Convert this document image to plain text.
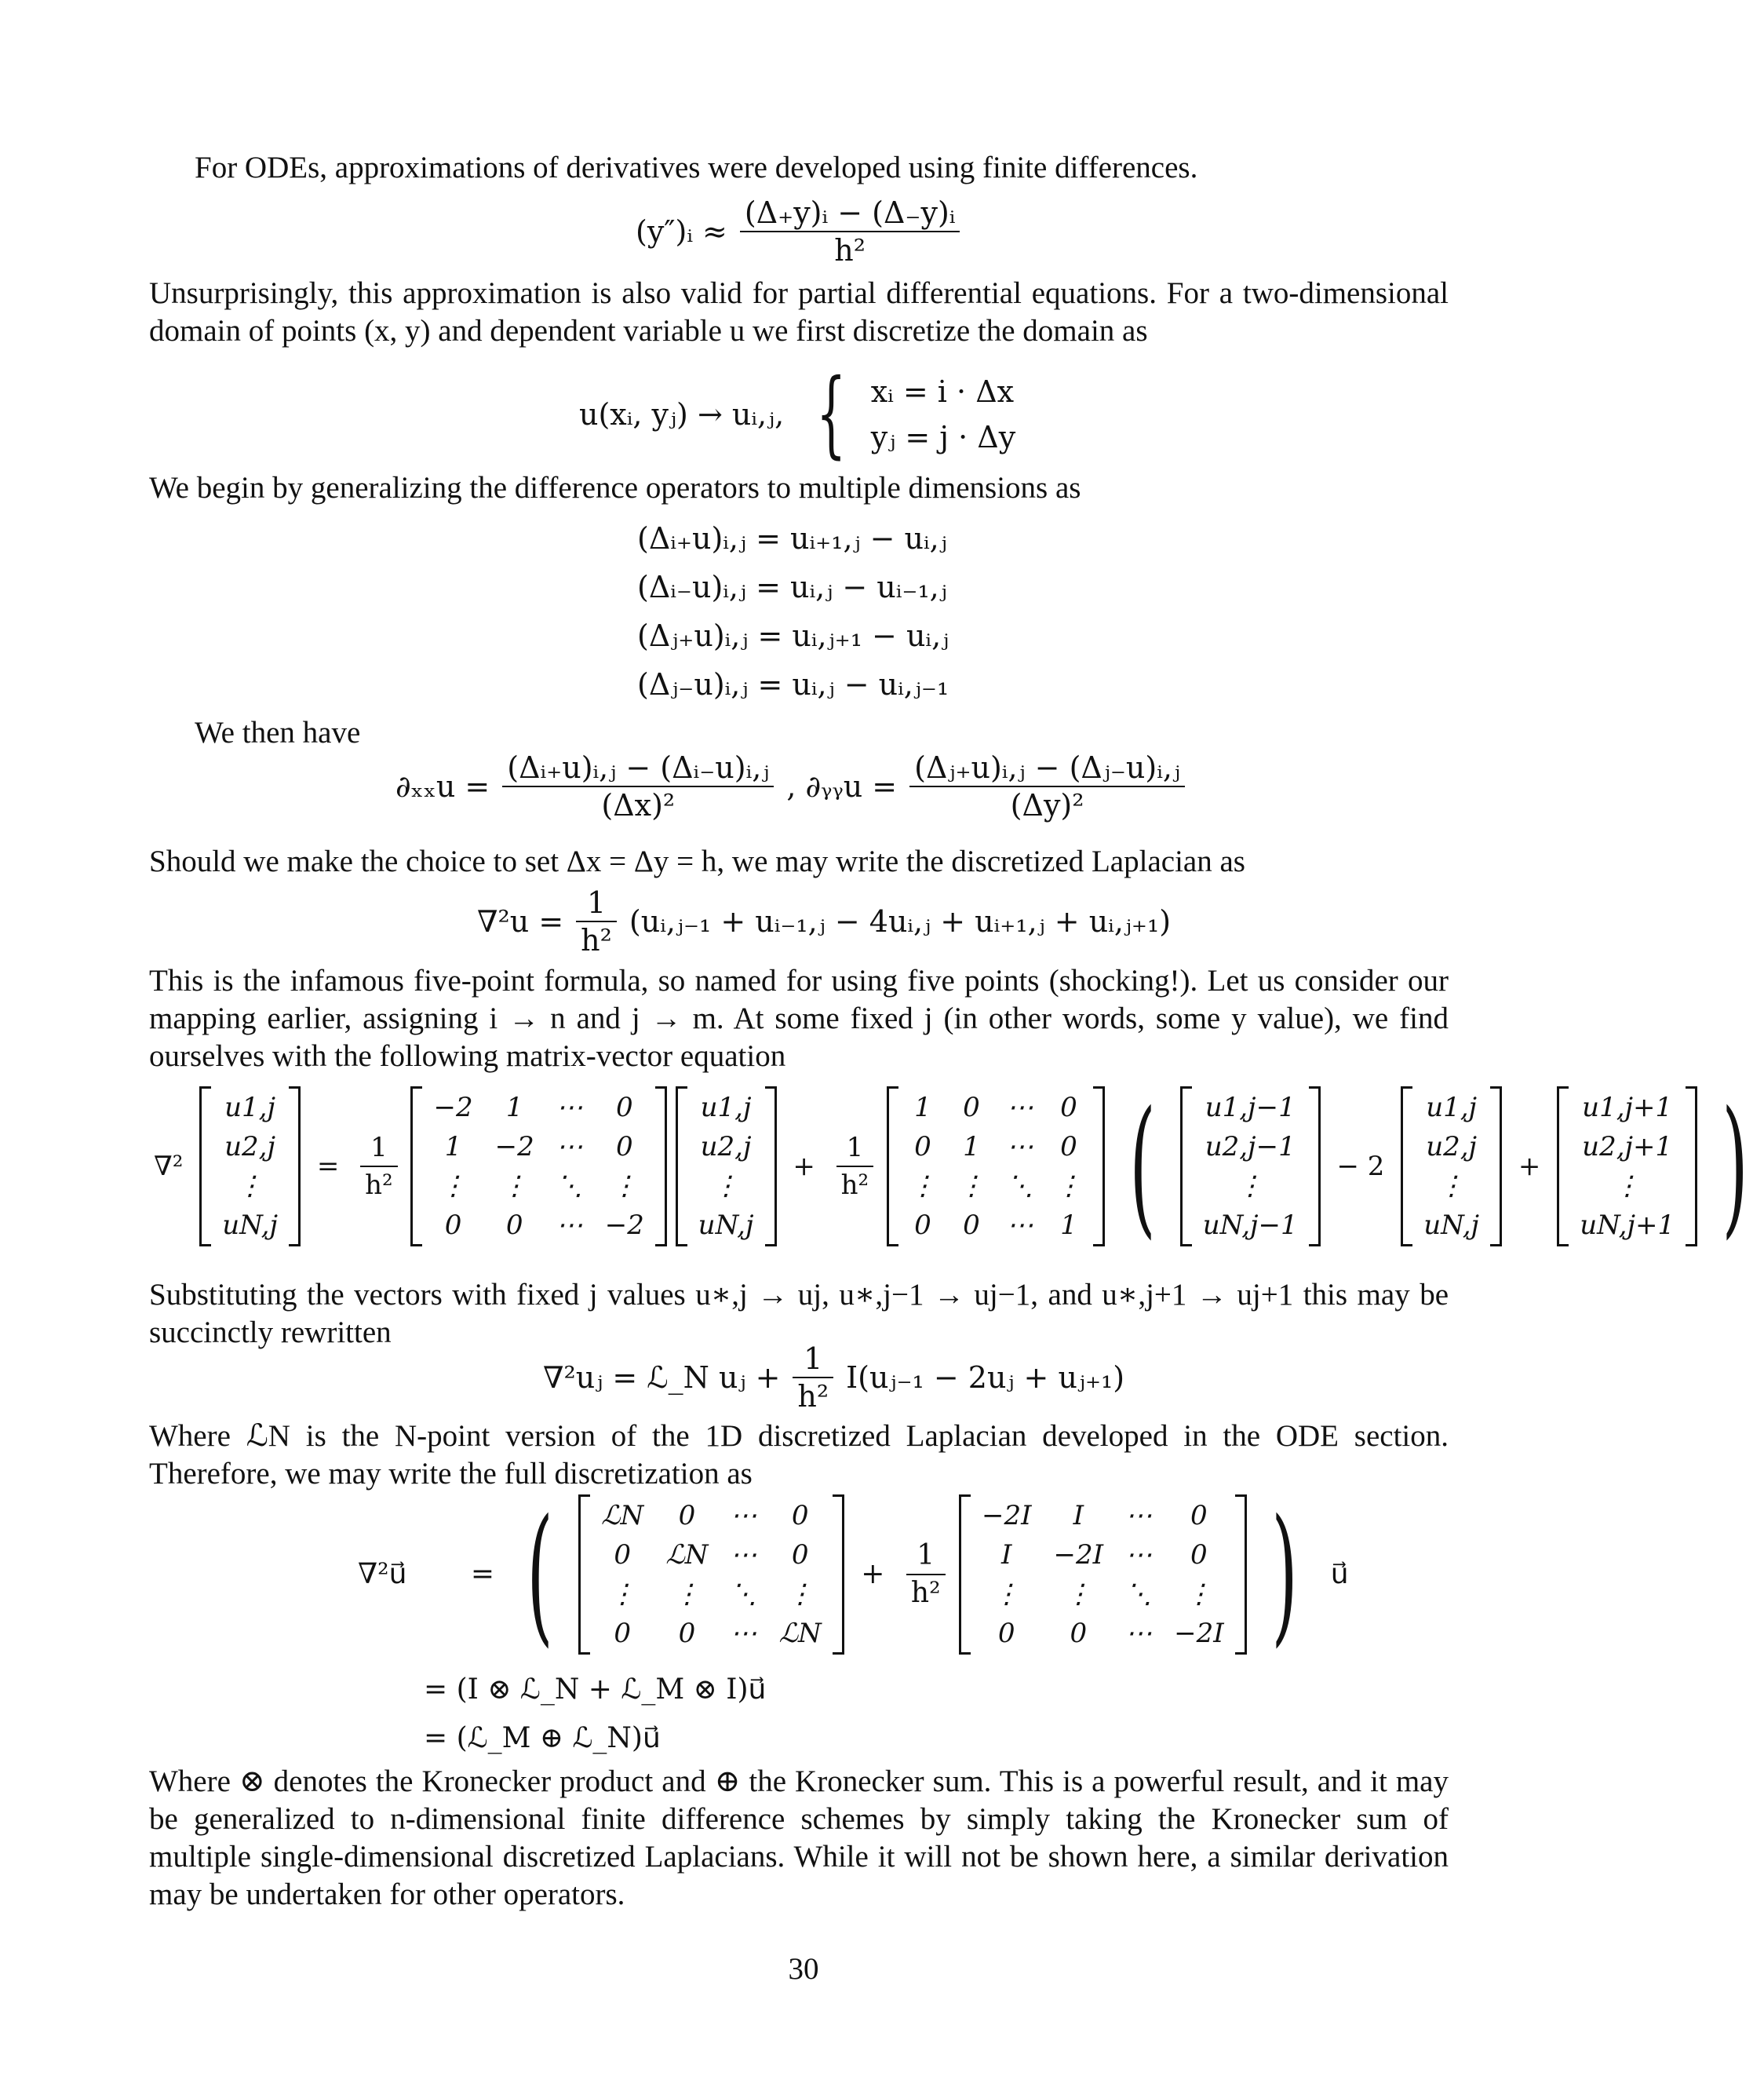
For ODEs, approximations of derivatives were developed using finite differences.

(y″)ᵢ ≈ $\frac{\text{(Δ₊y)ᵢ − (Δ₋y)ᵢ}}{\text{h²}}$

Unsurprisingly, this approximation is also valid for partial differential equations. For a two-dimensional domain of points (x, y) and dependent variable u we first discretize the domain as

u(xᵢ, yⱼ) → uᵢ,ⱼ, { xᵢ = i · Δx
yⱼ = j · Δy

We begin by generalizing the difference operators to multiple dimensions as

(Δᵢ₊u)ᵢ,ⱼ = uᵢ₊₁,ⱼ − uᵢ,ⱼ
(Δᵢ₋u)ᵢ,ⱼ = uᵢ,ⱼ − uᵢ₋₁,ⱼ
(Δⱼ₊u)ᵢ,ⱼ = uᵢ,ⱼ₊₁ − uᵢ,ⱼ
(Δⱼ₋u)ᵢ,ⱼ = uᵢ,ⱼ − uᵢ,ⱼ₋₁

We then have

$\partial_{xx}u = \frac{\text{(Δᵢ₊u)ᵢ,ⱼ − (Δᵢ₋u)ᵢ,ⱼ}}{\text{(Δx)²}}$ , ∂ᵧᵧu = $\frac{\text{(Δⱼ₊u)ᵢ,ⱼ − (Δⱼ₋u)ᵢ,ⱼ}}{\text{(Δy)²}}$

Should we make the choice to set Δx = Δy = h, we may write the discretized Laplacian as

$\nabla^2u = \frac{1}{\text{h²}}$ (uᵢ,ⱼ₋₁ + uᵢ₋₁,ⱼ − 4uᵢ,ⱼ + uᵢ₊₁,ⱼ + uᵢ,ⱼ₊₁)

This is the infamous five-point formula, so named for using five points (shocking!). Let us consider our mapping earlier, assigning i → n and j → m. At some fixed j (in other words, some y value), we find ourselves with the following matrix-vector equation

∇²
u1,j
u2,j
⋮
uN,j
= $\frac{1}{\text{h²}}$

−2	1	⋯	0
1	−2	⋯	0
⋮	⋮	⋱	⋮
0	0	⋯	−2

u1,j
u2,j
⋮
uN,j
+ $\frac{1}{\text{h²}}$

1	0	⋯	0
0	1	⋯	0
⋮	⋮	⋱	⋮
0	0	⋯	1 ( u1,j−1
u2,j−1
⋮
uN,j−1
− 2
u1,j
u2,j
⋮
uN,j
+
u1,j+1
u2,j+1
⋮
uN,j+1 )

Substituting the vectors with fixed j values u∗,j → uj, u∗,j−1 → uj−1, and u∗,j+1 → uj+1 this may be succinctly rewritten

∇²uⱼ = ℒ_N uⱼ + $\frac{1}{\text{h²}}$ I(uⱼ₋₁ − 2uⱼ + uⱼ₊₁)

Where ℒN is the N-point version of the 1D discretized Laplacian developed in the ODE section. Therefore, we may write the full discretization as

∇²u⃗ = ( ℒN	0	⋯	0
0	ℒN	⋯	0
⋮	⋮	⋱	⋮
0	0	⋯	ℒN
+ $\frac{1}{\text{h²}}$

−2I	I	⋯	0
I	−2I	⋯	0
⋮	⋮	⋱	⋮
0	0	⋯	−2I ) u⃗
= (I ⊗ ℒ_N + ℒ_M ⊗ I)u⃗
= (ℒ_M ⊕ ℒ_N)u⃗

Where ⊗ denotes the Kronecker product and ⊕ the Kronecker sum. This is a powerful result, and it may be generalized to n-dimensional finite difference schemes by simply taking the Kronecker sum of multiple single-dimensional discretized Laplacians. While it will not be shown here, a similar derivation may be undertaken for other operators.

30
